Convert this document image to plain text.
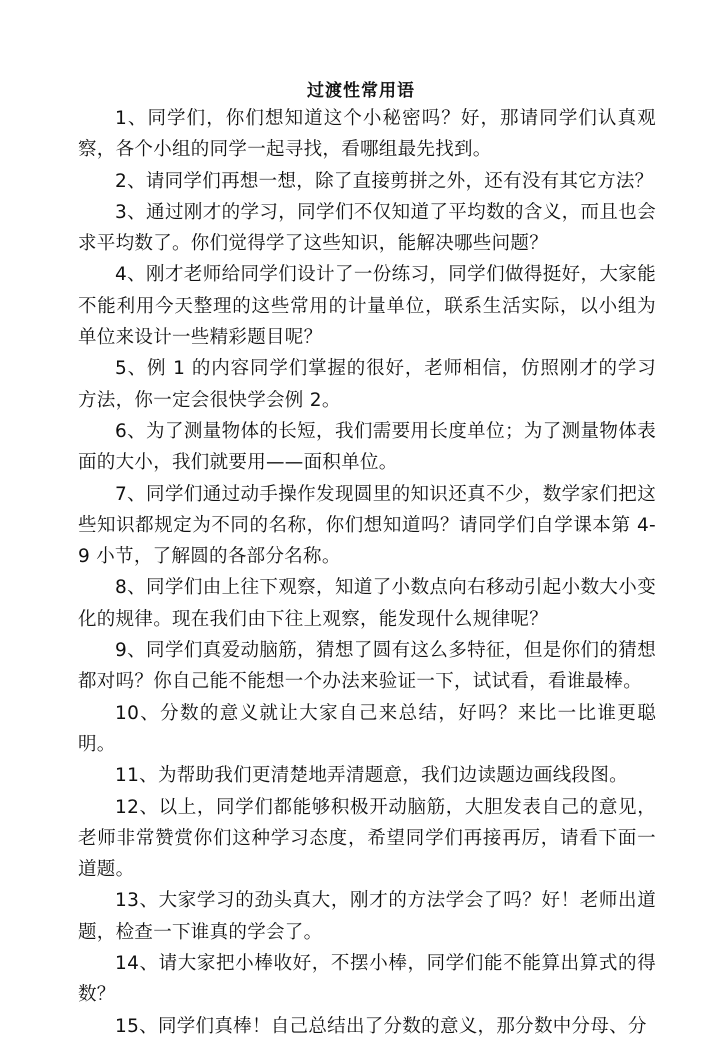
过渡性常用语

1、同学们，你们想知道这个小秘密吗？好，那请同学们认真观察，各个小组的同学一起寻找，看哪组最先找到。

2、请同学们再想一想，除了直接剪拼之外，还有没有其它方法？

3、通过刚才的学习，同学们不仅知道了平均数的含义，而且也会求平均数了。你们觉得学了这些知识，能解决哪些问题？

4、刚才老师给同学们设计了一份练习，同学们做得挺好，大家能不能利用今天整理的这些常用的计量单位，联系生活实际，以小组为单位来设计一些精彩题目呢？

5、例 1 的内容同学们掌握的很好，老师相信，仿照刚才的学习方法，你一定会很快学会例 2。

6、为了测量物体的长短，我们需要用长度单位；为了测量物体表面的大小，我们就要用——面积单位。

7、同学们通过动手操作发现圆里的知识还真不少，数学家们把这些知识都规定为不同的名称，你们想知道吗？请同学们自学课本第 4-9 小节，了解圆的各部分名称。

8、同学们由上往下观察，知道了小数点向右移动引起小数大小变化的规律。现在我们由下往上观察，能发现什么规律呢？

9、同学们真爱动脑筋，猜想了圆有这么多特征，但是你们的猜想都对吗？你自己能不能想一个办法来验证一下，试试看，看谁最棒。

10、分数的意义就让大家自己来总结，好吗？来比一比谁更聪明。

11、为帮助我们更清楚地弄清题意，我们边读题边画线段图。

12、以上，同学们都能够积极开动脑筋，大胆发表自己的意见，老师非常赞赏你们这种学习态度，希望同学们再接再厉，请看下面一道题。

13、大家学习的劲头真大，刚才的方法学会了吗？好！老师出道题，检查一下谁真的学会了。

14、请大家把小棒收好，不摆小棒，同学们能不能算出算式的得数？

15、同学们真棒！自己总结出了分数的意义，那分数中分母、分
